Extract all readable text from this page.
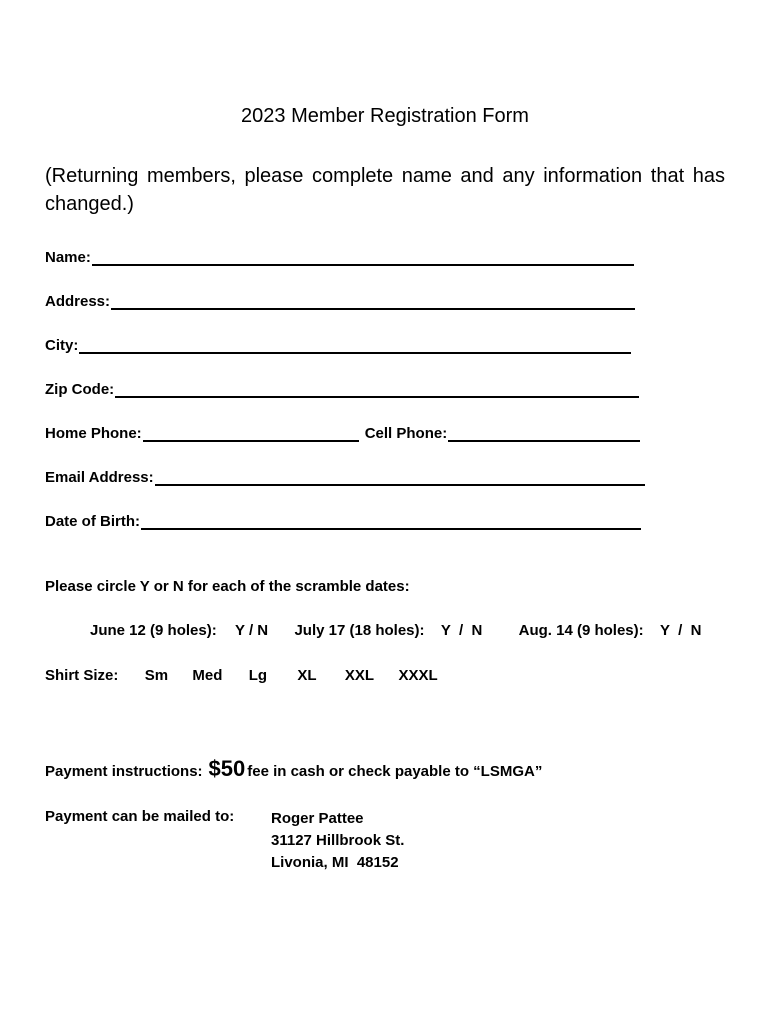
2023 Member Registration Form
(Returning members, please complete name and any information that has changed.)
Name:
Address:
City:
Zip Code:
Home Phone:	Cell Phone:
Email Address:
Date of Birth:
Please circle Y or N for each of the scramble dates:
June 12 (9 holes): Y / N July 17 (18 holes): Y  /  N Aug. 14 (9 holes): Y  /  N
Shirt Size: Sm Med Lg XL XXL XXXL
Payment instructions: $50 fee in cash or check payable to “LSMGA”
Payment can be mailed to: Roger Pattee
31127 Hillbrook St.
Livonia, MI  48152
